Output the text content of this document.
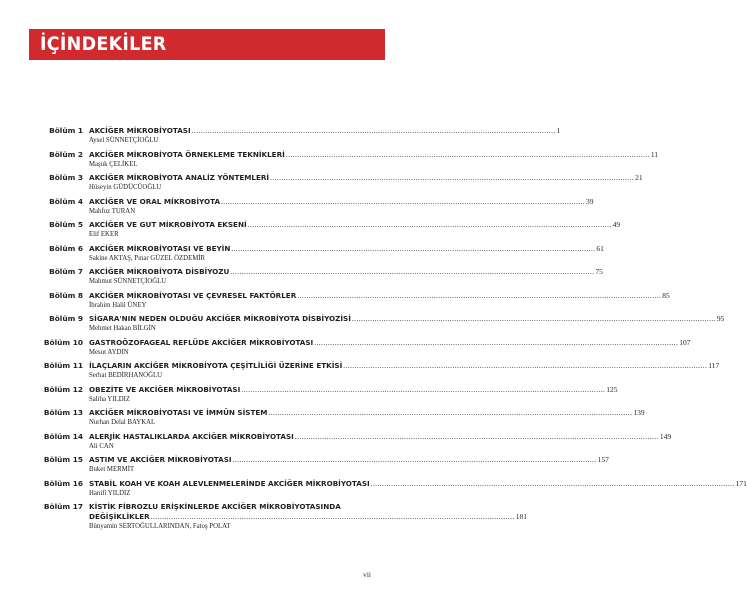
İÇİNDEKİLER
Bölüm 1 AKCİĞER MİKROBİYOTASI .....	1
Aysel SÜNNETÇİOĞLU
Bölüm 2 AKCİĞER MİKROBİYOTA ÖRNEKLEME TEKNİKLERİ .....	11
Maşuk ÇELİKEL
Bölüm 3 AKCİĞER MİKROBİYOTA ANALİZ YÖNTEMLERİ .....	21
Hüseyin GÜDÜCÜOĞLU
Bölüm 4 AKCİĞER VE ORAL MİKROBİYOTA .....	39
Mahfuz TURAN
Bölüm 5 AKCİĞER VE GUT MİKROBİYOTA EKSENİ .....	49
Elif EKER
Bölüm 6 AKCİĞER MİKROBİYOTASI VE BEYİN .....	61
Sakine AKTAŞ, Pınar GÜZEL ÖZDEMİR
Bölüm 7 AKCİĞER MİKROBİYOTA DİSBİYOZU .....	75
Mahmut SÜNNETÇİOĞLU
Bölüm 8 AKCİĞER MİKROBİYOTASI VE ÇEVRESEL FAKTÖRLER .....	85
İbrahim Halil ÜNEY
Bölüm 9 SİGARA'NIN NEDEN OLDUĞU AKCİĞER MİKROBİYOTA DİSBİYOZİSİ .....	95
Mehmet Hakan BİLGİN
Bölüm 10 GASTROÖZOFAGEAL REFLÜDE AKCİĞER MİKROBİYOTASI .....	107
Mesut AYDIN
Bölüm 11 İLAÇLARIN AKCİĞER MİKROBİYOTA ÇEŞİTLİLİĞİ ÜZERİNE ETKİSİ .....	117
Serhat BEDİRHANOĞLU
Bölüm 12 OBEZİTE VE AKCİĞER MİKROBİYOTASI .....	125
Saliha YILDIZ
Bölüm 13 AKCİĞER MİKROBİYOTASI VE İMMÜN SİSTEM .....	139
Nurhan Delal BAYKAL
Bölüm 14 ALERJİK HASTALIKLARDA AKCİĞER MİKROBİYOTASI .....	149
Ali CAN
Bölüm 15 ASTIM VE AKCİĞER MİKROBİYOTASI .....	157
Buket MERMİT
Bölüm 16 STABİL KOAH VE KOAH ALEVLENMELERİNDE AKCİĞER MİKROBİYOTASI .....	171
Hanifi YILDIZ
Bölüm 17 KİSTİK FİBROZLU ERİŞKİNLERDE AKCİĞER MİKROBİYOTASINDA
DEĞİŞİKLİKLER .....	181
Bünyamin SERTOĞULLARINDAN, Fatoş POLAT
vii
